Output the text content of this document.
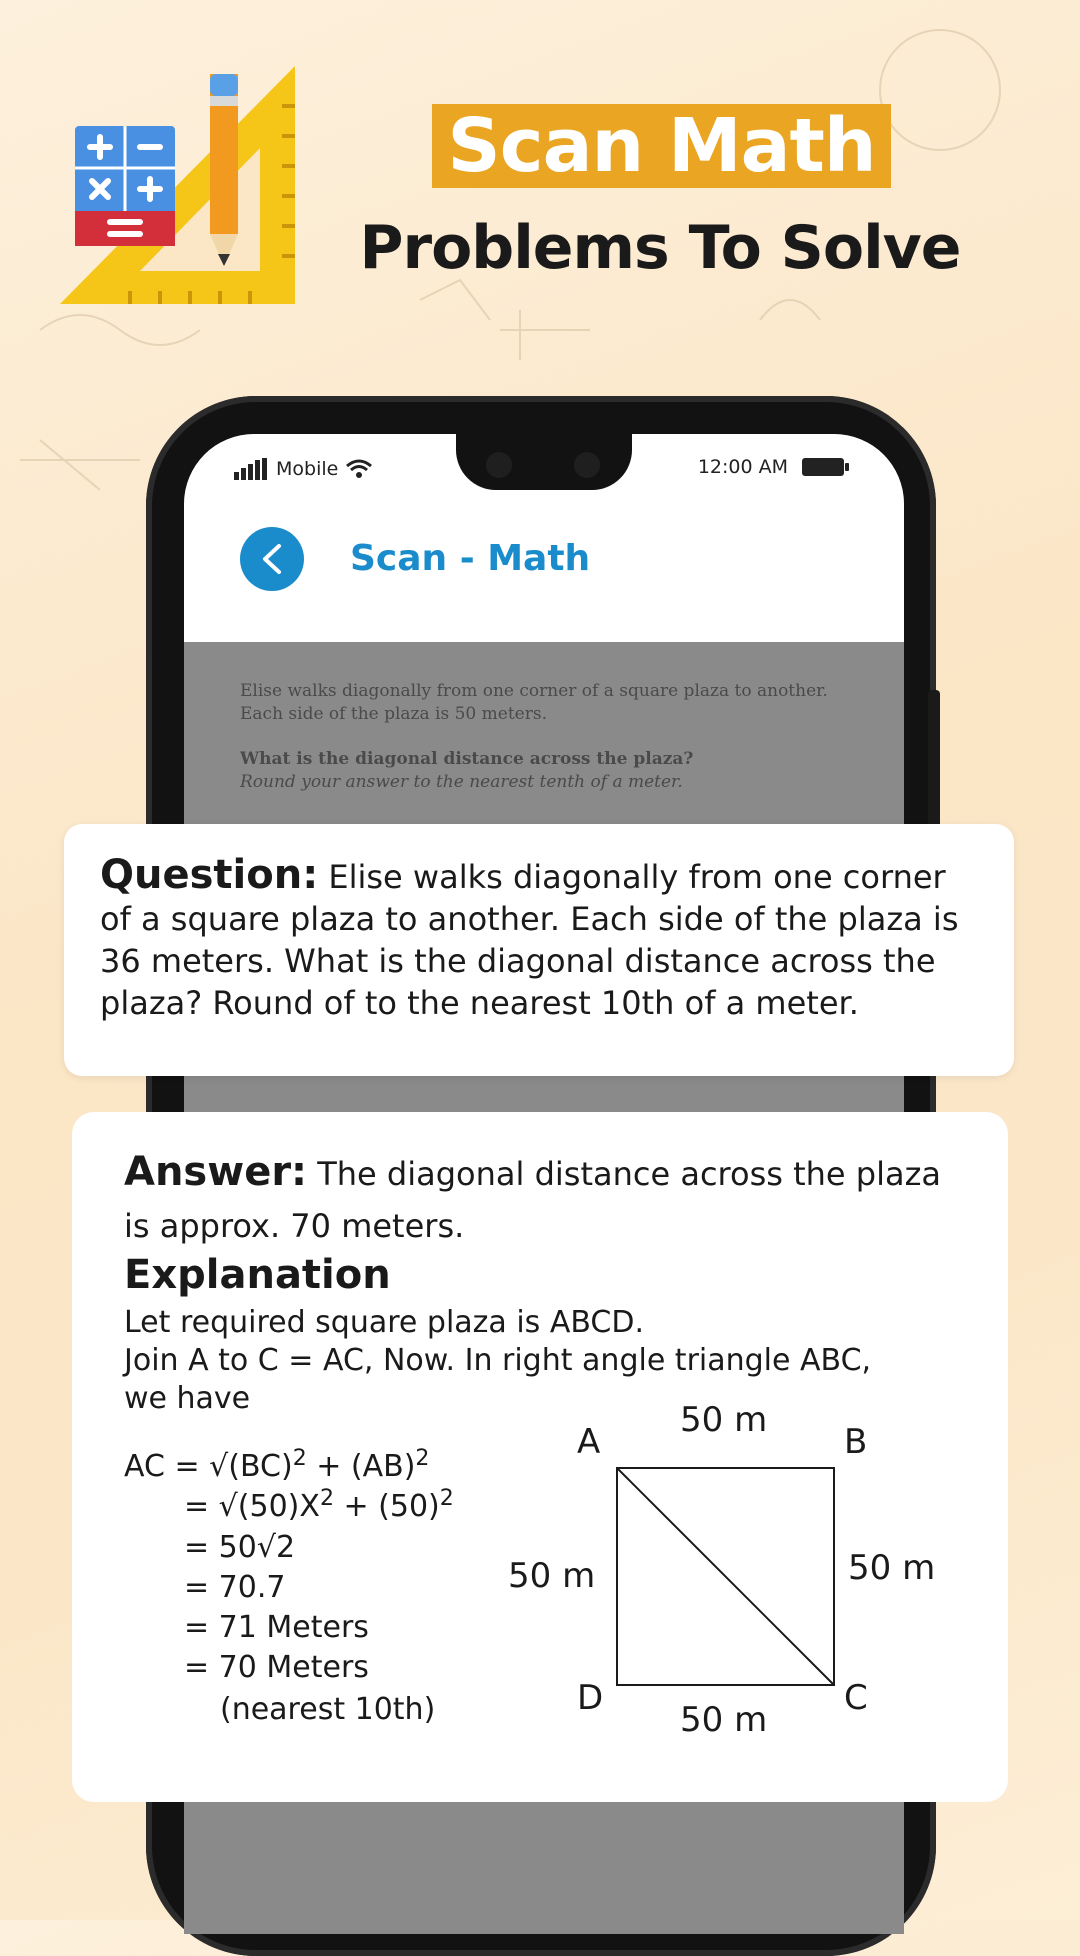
Scan Math
Problems To Solve
Mobile	12:00 AM
Scan - Math

Elise walks diagonally from one corner of a square plaza to another. Each side of the plaza is 50 meters.

What is the diagonal distance across the plaza?
Round your answer to the nearest tenth of a meter.
Question: Elise walks diagonally from one corner of a square plaza to another. Each side of the plaza is 36 meters. What is the diagonal distance across the plaza? Round of to the nearest 10th of a meter.
Answer: The diagonal distance across the plaza is approx. 70 meters.
Explanation
Let required square plaza is ABCD.
Join A to C = AC, Now. In right angle triangle ABC,
we have
AC = √(BC)$^2$ + (AB)$^2$
= $√(50)X^2 + (50)^2$
= 50√2
= 70.7
= 71 Meters
= 70 Meters
(nearest 10th)
A	B
C
D
50 m
50 m	50 m
50 m
